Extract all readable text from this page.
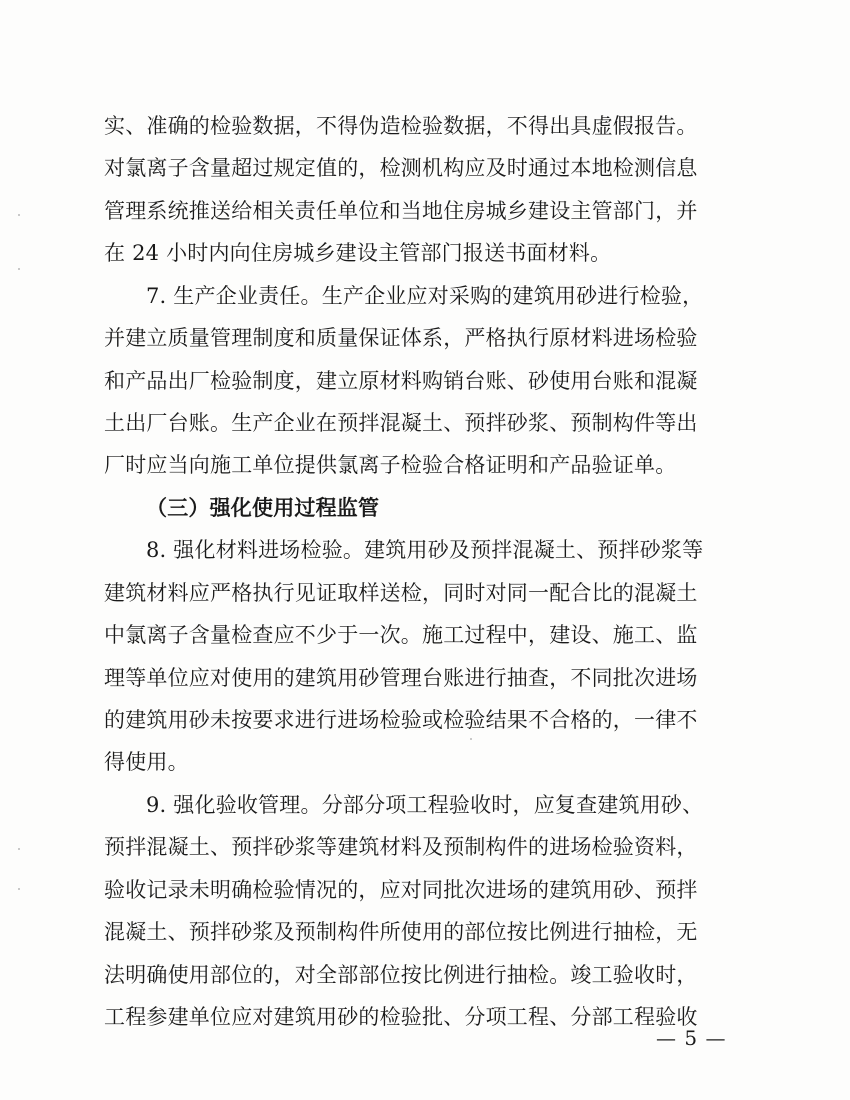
实、准确的检验数据，不得伪造检验数据，不得出具虚假报告。
对氯离子含量超过规定值的，检测机构应及时通过本地检测信息
管理系统推送给相关责任单位和当地住房城乡建设主管部门，并
在 24 小时内向住房城乡建设主管部门报送书面材料。
7. 生产企业责任。生产企业应对采购的建筑用砂进行检验，
并建立质量管理制度和质量保证体系，严格执行原材料进场检验
和产品出厂检验制度，建立原材料购销台账、砂使用台账和混凝
土出厂台账。生产企业在预拌混凝土、预拌砂浆、预制构件等出
厂时应当向施工单位提供氯离子检验合格证明和产品验证单。
（三）强化使用过程监管
8. 强化材料进场检验。建筑用砂及预拌混凝土、预拌砂浆等
建筑材料应严格执行见证取样送检，同时对同一配合比的混凝土
中氯离子含量检查应不少于一次。施工过程中，建设、施工、监
理等单位应对使用的建筑用砂管理台账进行抽查，不同批次进场
的建筑用砂未按要求进行进场检验或检验结果不合格的，一律不
得使用。
9. 强化验收管理。分部分项工程验收时，应复查建筑用砂、
预拌混凝土、预拌砂浆等建筑材料及预制构件的进场检验资料，
验收记录未明确检验情况的，应对同批次进场的建筑用砂、预拌
混凝土、预拌砂浆及预制构件所使用的部位按比例进行抽检，无
法明确使用部位的，对全部部位按比例进行抽检。竣工验收时，
工程参建单位应对建筑用砂的检验批、分项工程、分部工程验收
— 5 —
